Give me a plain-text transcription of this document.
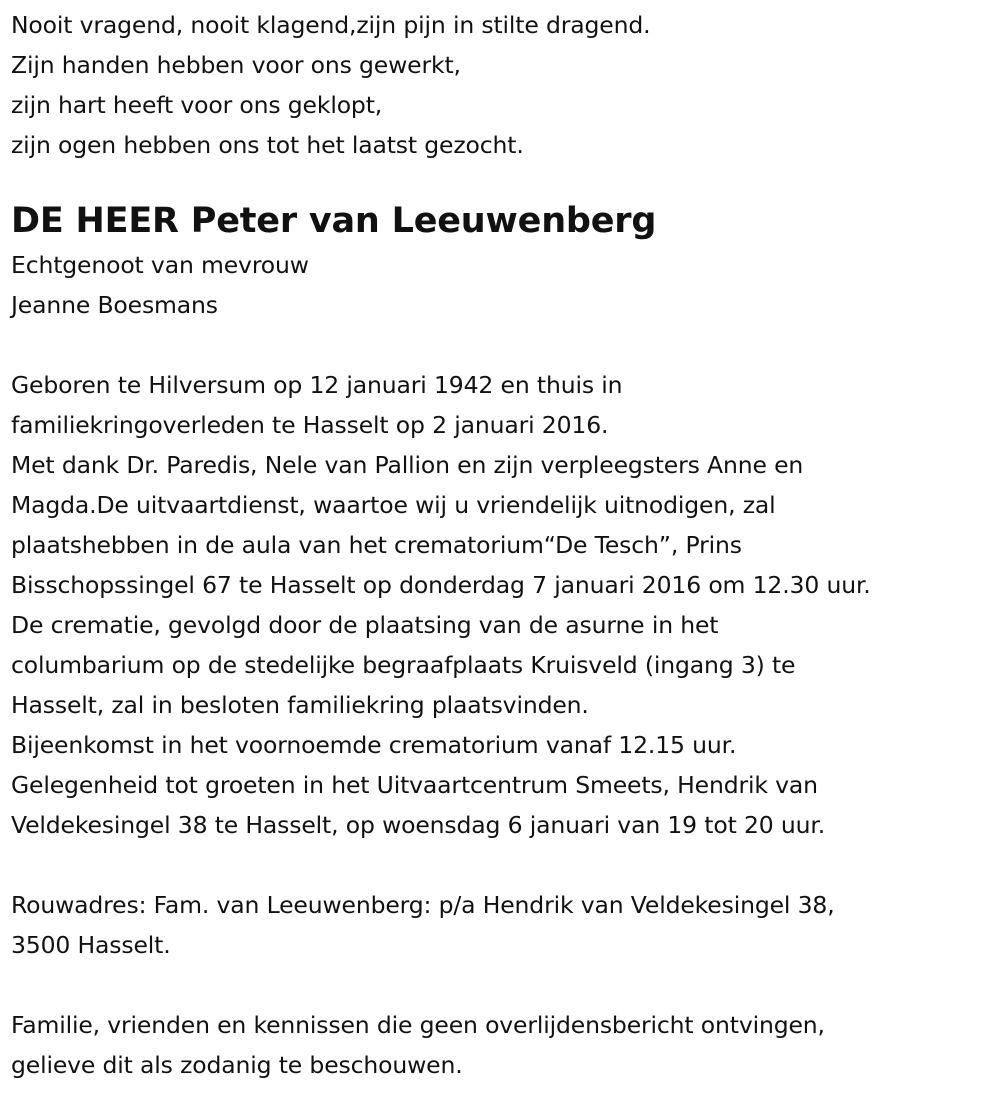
Nooit vragend, nooit klagend,zijn pijn in stilte dragend.
Zijn handen hebben voor ons gewerkt,
zijn hart heeft voor ons geklopt,
zijn ogen hebben ons tot het laatst gezocht.
DE HEER Peter van Leeuwenberg
Echtgenoot van mevrouw
Jeanne Boesmans
Geboren te Hilversum op 12 januari 1942 en thuis in
familiekringoverleden te Hasselt op 2 januari 2016.
Met dank Dr. Paredis, Nele van Pallion en zijn verpleegsters Anne en
Magda.De uitvaartdienst, waartoe wij u vriendelijk uitnodigen, zal
plaatshebben in de aula van het crematorium“De Tesch”, Prins
Bisschopssingel 67 te Hasselt op donderdag 7 januari 2016 om 12.30 uur.
De crematie, gevolgd door de plaatsing van de asurne in het
columbarium op de stedelijke begraafplaats Kruisveld (ingang 3) te
Hasselt, zal in besloten familiekring plaatsvinden.
Bijeenkomst in het voornoemde crematorium vanaf 12.15 uur.
Gelegenheid tot groeten in het Uitvaartcentrum Smeets, Hendrik van
Veldekesingel 38 te Hasselt, op woensdag 6 januari van 19 tot 20 uur.
Rouwadres: Fam. van Leeuwenberg: p/a Hendrik van Veldekesingel 38,
3500 Hasselt.
Familie, vrienden en kennissen die geen overlijdensbericht ontvingen,
gelieve dit als zodanig te beschouwen.
